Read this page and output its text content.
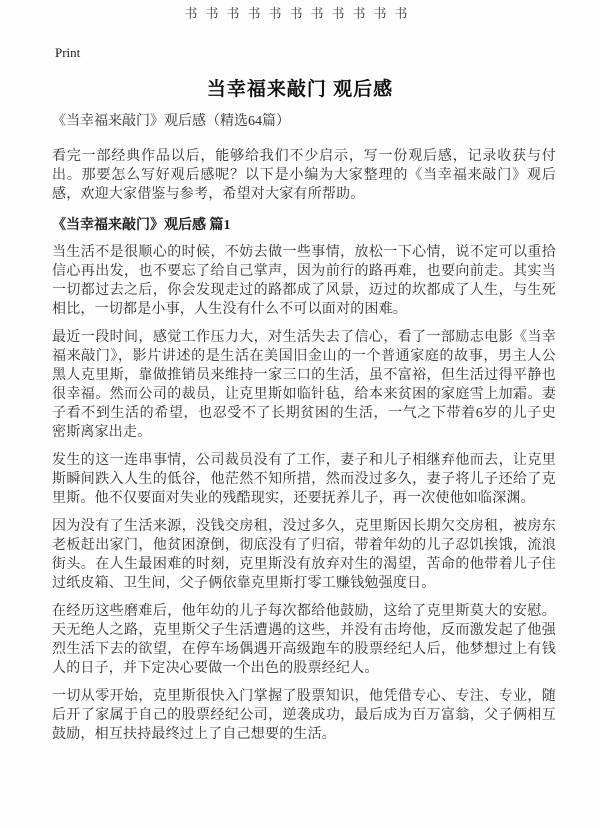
书书书书书书书书书书书
Print
当幸福来敲门 观后感
《当幸福来敲门》观后感（精选64篇）

看完一部经典作品以后，能够给我们不少启示，写一份观后感，记录收获与付出。那要怎么写好观后感呢？以下是小编为大家整理的《当幸福来敲门》观后感，欢迎大家借鉴与参考，希望对大家有所帮助。

《当幸福来敲门》观后感 篇1

当生活不是很顺心的时候，不妨去做一些事情，放松一下心情，说不定可以重拾信心再出发，也不要忘了给自己掌声，因为前行的路再难，也要向前走。其实当一切都过去之后，你会发现走过的路都成了风景，迈过的坎都成了人生，与生死相比，一切都是小事，人生没有什么不可以面对的困难。

最近一段时间，感觉工作压力大，对生活失去了信心，看了一部励志电影《当幸福来敲门》，影片讲述的是生活在美国旧金山的一个普通家庭的故事，男主人公黑人克里斯，靠做推销员来维持一家三口的生活，虽不富裕，但生活过得平静也很幸福。然而公司的裁员，让克里斯如临针毡，给本来贫困的家庭雪上加霜。妻子看不到生活的希望，也忍受不了长期贫困的生活，一气之下带着6岁的儿子史密斯离家出走。

发生的这一连串事情，公司裁员没有了工作，妻子和儿子相继弃他而去，让克里斯瞬间跌入人生的低谷，他茫然不知所措，然而没过多久，妻子将儿子还给了克里斯。他不仅要面对失业的残酷现实，还要抚养儿子，再一次使他如临深渊。

因为没有了生活来源，没钱交房租，没过多久，克里斯因长期欠交房租，被房东老板赶出家门，他贫困潦倒，彻底没有了归宿，带着年幼的儿子忍饥挨饿，流浪街头。在人生最困难的时刻，克里斯没有放弃对生的渴望，苦命的他带着儿子住过纸皮箱、卫生间，父子俩依靠克里斯打零工赚钱勉强度日。

在经历这些磨难后，他年幼的儿子每次都给他鼓励，这给了克里斯莫大的安慰。天无绝人之路，克里斯父子生活遭遇的这些，并没有击垮他，反而激发起了他强烈生活下去的欲望，在停车场偶遇开高级跑车的股票经纪人后，他梦想过上有钱人的日子，并下定决心要做一个出色的股票经纪人。

一切从零开始，克里斯很快入门掌握了股票知识，他凭借专心、专注、专业，随后开了家属于自己的股票经纪公司，逆袭成功，最后成为百万富翁，父子俩相互鼓励，相互扶持最终过上了自己想要的生活。
